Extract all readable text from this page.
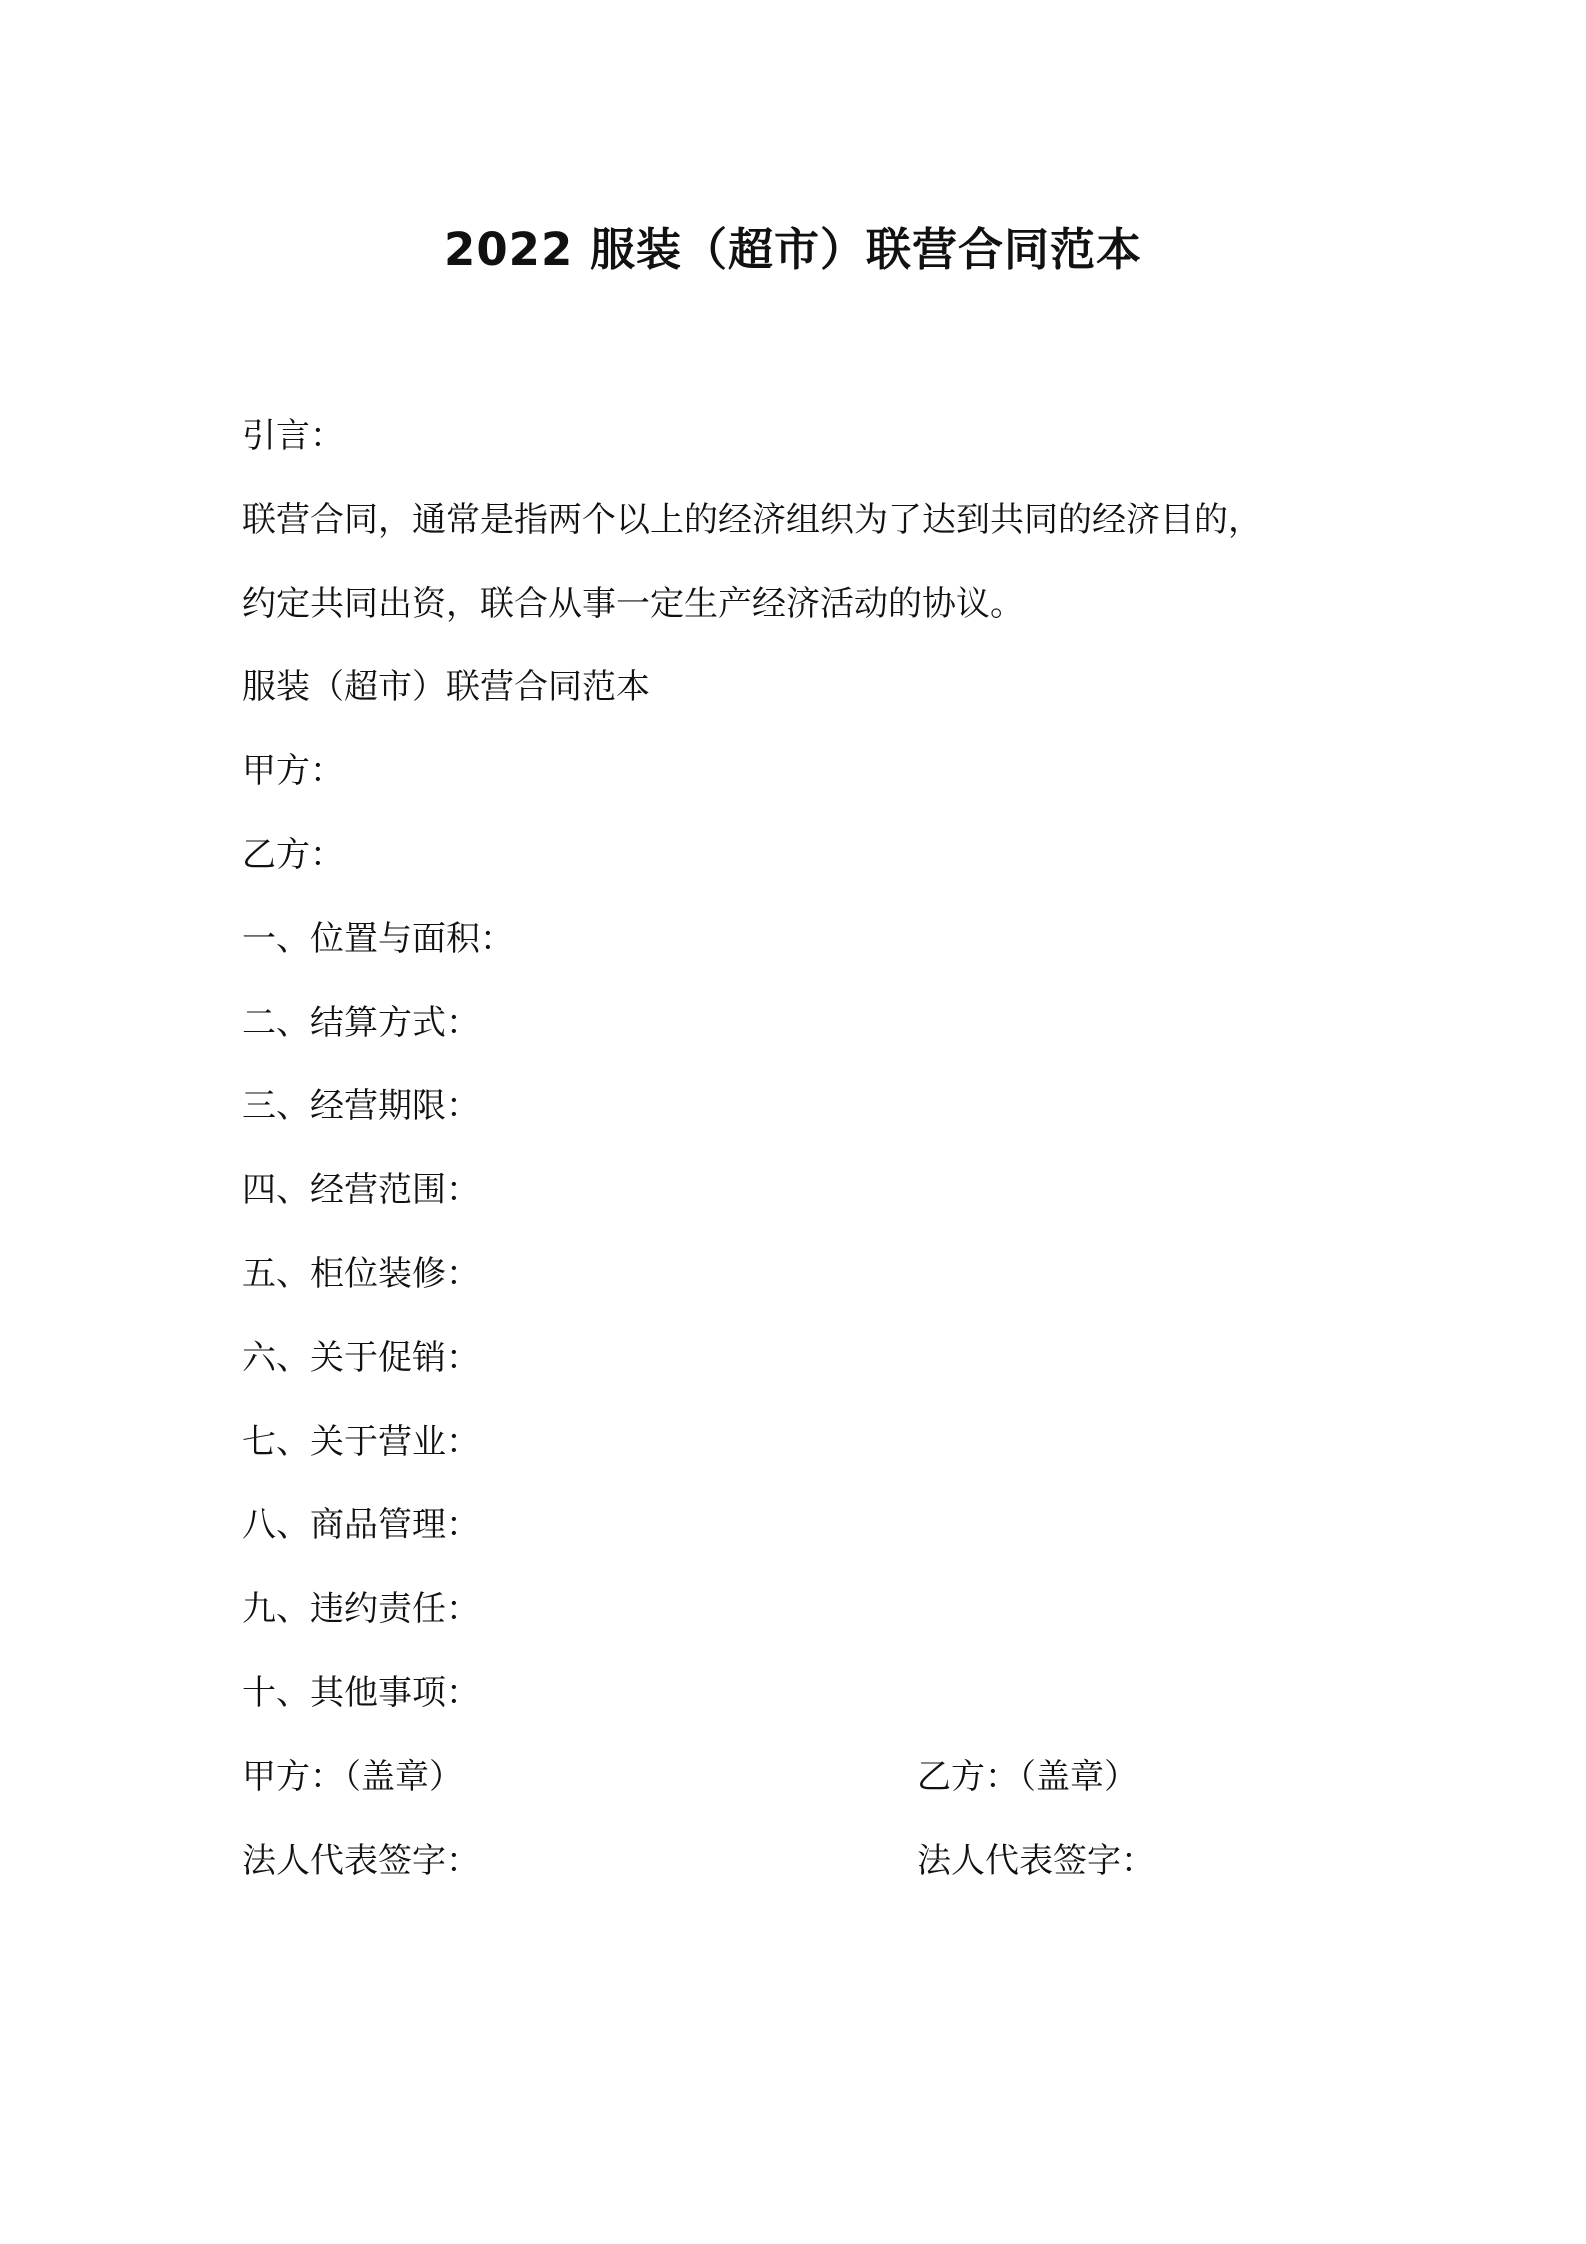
2022 服装（超市）联营合同范本
引言：
联营合同，通常是指两个以上的经济组织为了达到共同的经济目的，
约定共同出资，联合从事一定生产经济活动的协议。
服装（超市）联营合同范本
甲方：
乙方：
一、位置与面积：
二、结算方式：
三、经营期限：
四、经营范围：
五、柜位装修：
六、关于促销：
七、关于营业：
八、商品管理：
九、违约责任：
十、其他事项：
甲方：（盖章）	乙方：（盖章）
法人代表签字：	法人代表签字：
